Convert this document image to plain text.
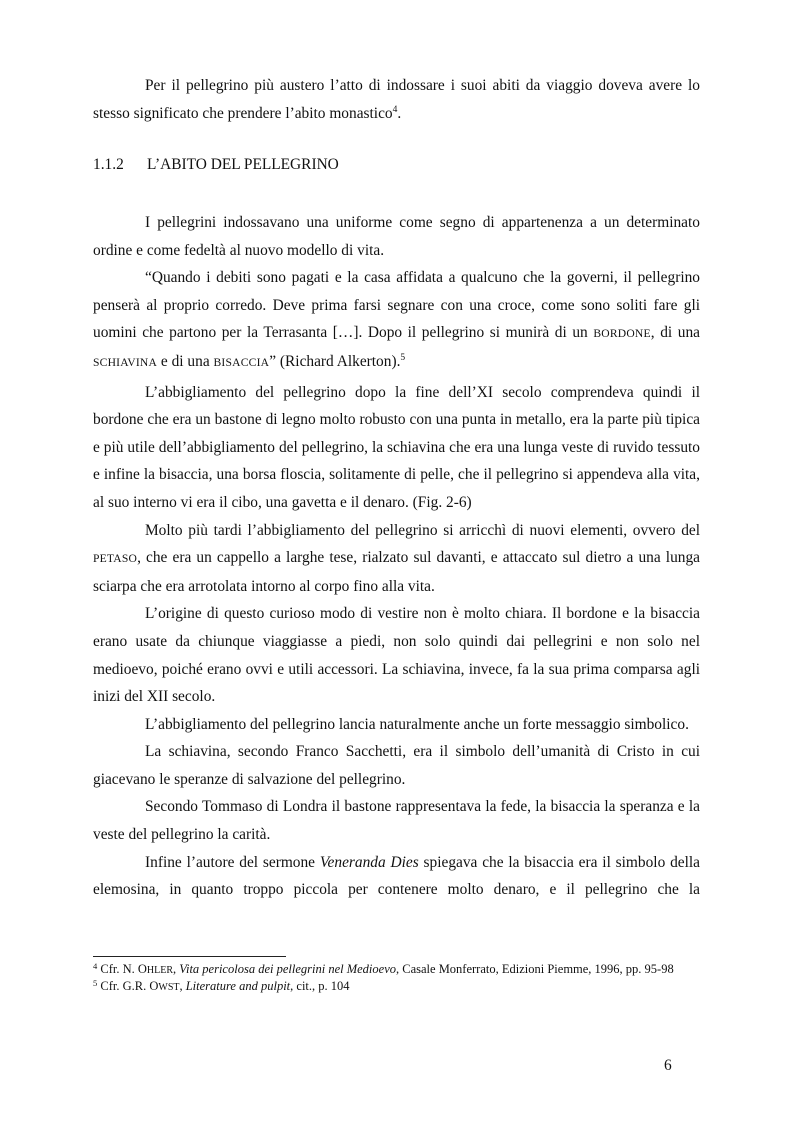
Per il pellegrino più austero l’atto di indossare i suoi abiti da viaggio doveva avere lo stesso significato che prendere l’abito monastico$^4$.

1.1.2 L’ABITO DEL PELLEGRINO

I pellegrini indossavano una uniforme come segno di appartenenza a un determinato ordine e come fedeltà al nuovo modello di vita.

“Quando i debiti sono pagati e la casa affidata a qualcuno che la governi, il pellegrino penserà al proprio corredo. Deve prima farsi segnare con una croce, come sono soliti fare gli uomini che partono per la Terrasanta […]. Dopo il pellegrino si munirà di un BORDONE, di una SCHIAVINA e di una BISACCIA” (Richard Alkerton).$^5$

L’abbigliamento del pellegrino dopo la fine dell’XI secolo comprendeva quindi il bordone che era un bastone di legno molto robusto con una punta in metallo, era la parte più tipica e più utile dell’abbigliamento del pellegrino, la schiavina che era una lunga veste di ruvido tessuto e infine la bisaccia, una borsa floscia, solitamente di pelle, che il pellegrino si appendeva alla vita, al suo interno vi era il cibo, una gavetta e il denaro. (Fig. 2-6)

Molto più tardi l’abbigliamento del pellegrino si arricchì di nuovi elementi, ovvero del PETASO, che era un cappello a larghe tese, rialzato sul davanti, e attaccato sul dietro a una lunga sciarpa che era arrotolata intorno al corpo fino alla vita.

L’origine di questo curioso modo di vestire non è molto chiara. Il bordone e la bisaccia erano usate da chiunque viaggiasse a piedi, non solo quindi dai pellegrini e non solo nel medioevo, poiché erano ovvi e utili accessori. La schiavina, invece, fa la sua prima comparsa agli inizi del XII secolo.

L’abbigliamento del pellegrino lancia naturalmente anche un forte messaggio simbolico.

La schiavina, secondo Franco Sacchetti, era il simbolo dell’umanità di Cristo in cui giacevano le speranze di salvazione del pellegrino.

Secondo Tommaso di Londra il bastone rappresentava la fede, la bisaccia la speranza e la veste del pellegrino la carità.

Infine l’autore del sermone Veneranda Dies spiegava che la bisaccia era il simbolo della elemosina, in quanto troppo piccola per contenere molto denaro, e il pellegrino che la

$^4$ Cfr. N. OHLER, Vita pericolosa dei pellegrini nel Medioevo, Casale Monferrato, Edizioni Piemme, 1996, pp. 95-98

$^5$ Cfr. G.R. OWST, Literature and pulpit, cit., p. 104

6
